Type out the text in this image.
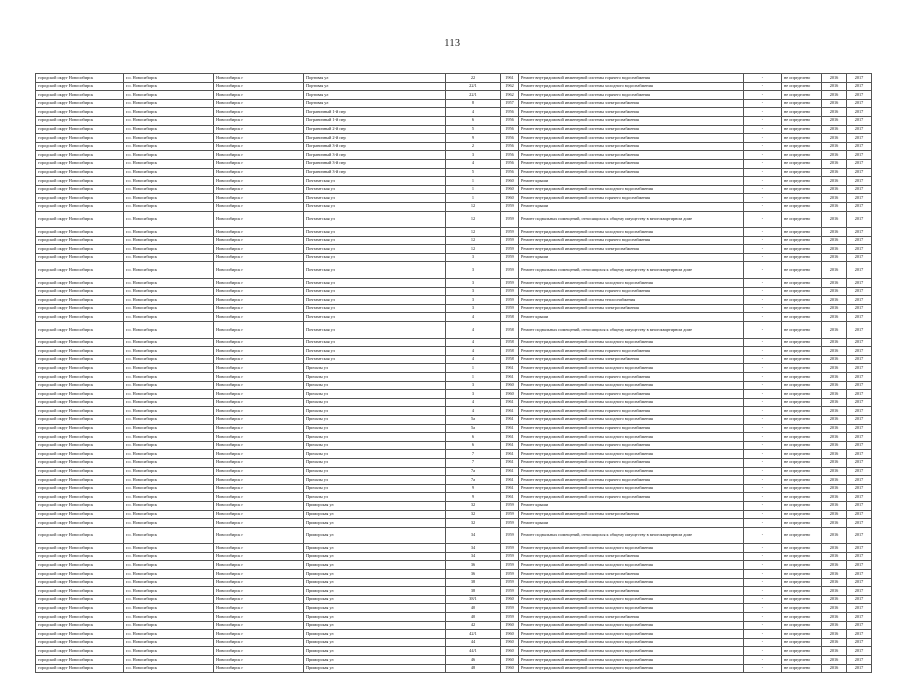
113
городской округ Новосибирск	г.о. Новосибирск	Новосибирск г	Портовая ул	22	1961	Ремонт внутридомовой инженерной системы горячего водоснабжения	-	не определено	2016	2017
городской округ Новосибирск	г.о. Новосибирск	Новосибирск г	Портовая ул	22/1	1962	Ремонт внутридомовой инженерной системы холодного водоснабжения	-	не определено	2016	2017
городской округ Новосибирск	г.о. Новосибирск	Новосибирск г	Портовая ул	22/1	1962	Ремонт внутридомовой инженерной системы горячего водоснабжения	-	не определено	2016	2017
городской округ Новосибирск	г.о. Новосибирск	Новосибирск г	Портовая ул	8	1957	Ремонт внутридомовой инженерной системы электроснабжения	-	не определено	2016	2017
городской округ Новосибирск	г.о. Новосибирск	Новосибирск г	Пограничный 1-й пер	4	1956	Ремонт внутридомовой инженерной системы электроснабжения	-	не определено	2016	2017
городской округ Новосибирск	г.о. Новосибирск	Новосибирск г	Пограничный 1-й пер	6	1956	Ремонт внутридомовой инженерной системы электроснабжения	-	не определено	2016	2017
городской округ Новосибирск	г.о. Новосибирск	Новосибирск г	Пограничный 2-й пер	5	1956	Ремонт внутридомовой инженерной системы электроснабжения	-	не определено	2016	2017
городской округ Новосибирск	г.о. Новосибирск	Новосибирск г	Пограничный 2-й пер	9	1956	Ремонт внутридомовой инженерной системы электроснабжения	-	не определено	2016	2017
городской округ Новосибирск	г.о. Новосибирск	Новосибирск г	Пограничный 3-й пер	2	1956	Ремонт внутридомовой инженерной системы электроснабжения	-	не определено	2016	2017
городской округ Новосибирск	г.о. Новосибирск	Новосибирск г	Пограничный 3-й пер	3	1956	Ремонт внутридомовой инженерной системы электроснабжения	-	не определено	2016	2017
городской округ Новосибирск	г.о. Новосибирск	Новосибирск г	Пограничный 3-й пер	4	1956	Ремонт внутридомовой инженерной системы электроснабжения	-	не определено	2016	2017
городской округ Новосибирск	г.о. Новосибирск	Новосибирск г	Пограничный 3-й пер	5	1956	Ремонт внутридомовой инженерной системы электроснабжения	-	не определено	2016	2017
городской округ Новосибирск	г.о. Новосибирск	Новосибирск г	Почтамтская ул	1	1960	Ремонт крыши	-	не определено	2016	2017
городской округ Новосибирск	г.о. Новосибирск	Новосибирск г	Почтамтская ул	1	1960	Ремонт внутридомовой инженерной системы холодного водоснабжения	-	не определено	2016	2017
городской округ Новосибирск	г.о. Новосибирск	Новосибирск г	Почтамтская ул	1	1960	Ремонт внутридомовой инженерной системы горячего водоснабжения	-	не определено	2016	2017
городской округ Новосибирск	г.о. Новосибирск	Новосибирск г	Почтамтская ул	12	1959	Ремонт крыши	-	не определено	2016	2017
городской округ Новосибирск	г.о. Новосибирск	Новосибирск г	Почтамтская ул	12	1959	Ремонт подвальных помещений, относящихся к общему имуществу в многоквартирном доме	-	не определено	2016	2017
городской округ Новосибирск	г.о. Новосибирск	Новосибирск г	Почтамтская ул	12	1959	Ремонт внутридомовой инженерной системы холодного водоснабжения	-	не определено	2016	2017
городской округ Новосибирск	г.о. Новосибирск	Новосибирск г	Почтамтская ул	12	1959	Ремонт внутридомовой инженерной системы горячего водоснабжения	-	не определено	2016	2017
городской округ Новосибирск	г.о. Новосибирск	Новосибирск г	Почтамтская ул	12	1959	Ремонт внутридомовой инженерной системы электроснабжения	-	не определено	2016	2017
городской округ Новосибирск	г.о. Новосибирск	Новосибирск г	Почтамтская ул	3	1959	Ремонт крыши	-	не определено	2016	2017
городской округ Новосибирск	г.о. Новосибирск	Новосибирск г	Почтамтская ул	3	1959	Ремонт подвальных помещений, относящихся к общему имуществу в многоквартирном доме	-	не определено	2016	2017
городской округ Новосибирск	г.о. Новосибирск	Новосибирск г	Почтамтская ул	3	1959	Ремонт внутридомовой инженерной системы холодного водоснабжения	-	не определено	2016	2017
городской округ Новосибирск	г.о. Новосибирск	Новосибирск г	Почтамтская ул	3	1959	Ремонт внутридомовой инженерной системы горячего водоснабжения	-	не определено	2016	2017
городской округ Новосибирск	г.о. Новосибирск	Новосибирск г	Почтамтская ул	3	1959	Ремонт внутридомовой инженерной системы теплоснабжения	-	не определено	2016	2017
городской округ Новосибирск	г.о. Новосибирск	Новосибирск г	Почтамтская ул	3	1959	Ремонт внутридомовой инженерной системы электроснабжения	-	не определено	2016	2017
городской округ Новосибирск	г.о. Новосибирск	Новосибирск г	Почтамтская ул	4	1958	Ремонт крыши	-	не определено	2016	2017
городской округ Новосибирск	г.о. Новосибирск	Новосибирск г	Почтамтская ул	4	1958	Ремонт подвальных помещений, относящихся к общему имуществу в многоквартирном доме	-	не определено	2016	2017
городской округ Новосибирск	г.о. Новосибирск	Новосибирск г	Почтамтская ул	4	1958	Ремонт внутридомовой инженерной системы холодного водоснабжения	-	не определено	2016	2017
городской округ Новосибирск	г.о. Новосибирск	Новосибирск г	Почтамтская ул	4	1958	Ремонт внутридомовой инженерной системы горячего водоснабжения	-	не определено	2016	2017
городской округ Новосибирск	г.о. Новосибирск	Новосибирск г	Почтамтская ул	4	1958	Ремонт внутридомовой инженерной системы электроснабжения	-	не определено	2016	2017
городской округ Новосибирск	г.о. Новосибирск	Новосибирск г	Причалы ул	1	1961	Ремонт внутридомовой инженерной системы холодного водоснабжения	-	не определено	2016	2017
городской округ Новосибирск	г.о. Новосибирск	Новосибирск г	Причалы ул	1	1961	Ремонт внутридомовой инженерной системы горячего водоснабжения	-	не определено	2016	2017
городской округ Новосибирск	г.о. Новосибирск	Новосибирск г	Причалы ул	3	1960	Ремонт внутридомовой инженерной системы холодного водоснабжения	-	не определено	2016	2017
городской округ Новосибирск	г.о. Новосибирск	Новосибирск г	Причалы ул	3	1960	Ремонт внутридомовой инженерной системы горячего водоснабжения	-	не определено	2016	2017
городской округ Новосибирск	г.о. Новосибирск	Новосибирск г	Причалы ул	4	1961	Ремонт внутридомовой инженерной системы холодного водоснабжения	-	не определено	2016	2017
городской округ Новосибирск	г.о. Новосибирск	Новосибирск г	Причалы ул	4	1961	Ремонт внутридомовой инженерной системы горячего водоснабжения	-	не определено	2016	2017
городской округ Новосибирск	г.о. Новосибирск	Новосибирск г	Причалы ул	5а	1961	Ремонт внутридомовой инженерной системы холодного водоснабжения	-	не определено	2016	2017
городской округ Новосибирск	г.о. Новосибирск	Новосибирск г	Причалы ул	5а	1961	Ремонт внутридомовой инженерной системы горячего водоснабжения	-	не определено	2016	2017
городской округ Новосибирск	г.о. Новосибирск	Новосибирск г	Причалы ул	6	1961	Ремонт внутридомовой инженерной системы холодного водоснабжения	-	не определено	2016	2017
городской округ Новосибирск	г.о. Новосибирск	Новосибирск г	Причалы ул	6	1961	Ремонт внутридомовой инженерной системы горячего водоснабжения	-	не определено	2016	2017
городской округ Новосибирск	г.о. Новосибирск	Новосибирск г	Причалы ул	7	1961	Ремонт внутридомовой инженерной системы холодного водоснабжения	-	не определено	2016	2017
городской округ Новосибирск	г.о. Новосибирск	Новосибирск г	Причалы ул	7	1961	Ремонт внутридомовой инженерной системы горячего водоснабжения	-	не определено	2016	2017
городской округ Новосибирск	г.о. Новосибирск	Новосибирск г	Причалы ул	7а	1961	Ремонт внутридомовой инженерной системы холодного водоснабжения	-	не определено	2016	2017
городской округ Новосибирск	г.о. Новосибирск	Новосибирск г	Причалы ул	7а	1961	Ремонт внутридомовой инженерной системы горячего водоснабжения	-	не определено	2016	2017
городской округ Новосибирск	г.о. Новосибирск	Новосибирск г	Причалы ул	9	1961	Ремонт внутридомовой инженерной системы холодного водоснабжения	-	не определено	2016	2017
городской округ Новосибирск	г.о. Новосибирск	Новосибирск г	Причалы ул	9	1961	Ремонт внутридомовой инженерной системы горячего водоснабжения	-	не определено	2016	2017
городской округ Новосибирск	г.о. Новосибирск	Новосибирск г	Приморская ул	32	1959	Ремонт крыши	-	не определено	2016	2017
городской округ Новосибирск	г.о. Новосибирск	Новосибирск г	Приморская ул	32	1959	Ремонт внутридомовой инженерной системы электроснабжения	-	не определено	2016	2017
городской округ Новосибирск	г.о. Новосибирск	Новосибирск г	Приморская ул	32	1959	Ремонт крыши	-	не определено	2016	2017
городской округ Новосибирск	г.о. Новосибирск	Новосибирск г	Приморская ул	34	1959	Ремонт подвальных помещений, относящихся к общему имуществу в многоквартирном доме	-	не определено	2016	2017
городской округ Новосибирск	г.о. Новосибирск	Новосибирск г	Приморская ул	34	1959	Ремонт внутридомовой инженерной системы холодного водоснабжения	-	не определено	2016	2017
городской округ Новосибирск	г.о. Новосибирск	Новосибирск г	Приморская ул	34	1959	Ремонт внутридомовой инженерной системы электроснабжения	-	не определено	2016	2017
городской округ Новосибирск	г.о. Новосибирск	Новосибирск г	Приморская ул	36	1959	Ремонт внутридомовой инженерной системы холодного водоснабжения	-	не определено	2016	2017
городской округ Новосибирск	г.о. Новосибирск	Новосибирск г	Приморская ул	36	1959	Ремонт внутридомовой инженерной системы электроснабжения	-	не определено	2016	2017
городской округ Новосибирск	г.о. Новосибирск	Новосибирск г	Приморская ул	38	1959	Ремонт внутридомовой инженерной системы холодного водоснабжения	-	не определено	2016	2017
городской округ Новосибирск	г.о. Новосибирск	Новосибирск г	Приморская ул	38	1959	Ремонт внутридомовой инженерной системы электроснабжения	-	не определено	2016	2017
городской округ Новосибирск	г.о. Новосибирск	Новосибирск г	Приморская ул	38/1	1960	Ремонт внутридомовой инженерной системы холодного водоснабжения	-	не определено	2016	2017
городской округ Новосибирск	г.о. Новосибирск	Новосибирск г	Приморская ул	40	1959	Ремонт внутридомовой инженерной системы холодного водоснабжения	-	не определено	2016	2017
городской округ Новосибирск	г.о. Новосибирск	Новосибирск г	Приморская ул	40	1959	Ремонт внутридомовой инженерной системы электроснабжения	-	не определено	2016	2017
городской округ Новосибирск	г.о. Новосибирск	Новосибирск г	Приморская ул	42	1960	Ремонт внутридомовой инженерной системы холодного водоснабжения	-	не определено	2016	2017
городской округ Новосибирск	г.о. Новосибирск	Новосибирск г	Приморская ул	42/1	1960	Ремонт внутридомовой инженерной системы холодного водоснабжения	-	не определено	2016	2017
городской округ Новосибирск	г.о. Новосибирск	Новосибирск г	Приморская ул	44	1960	Ремонт внутридомовой инженерной системы холодного водоснабжения	-	не определено	2016	2017
городской округ Новосибирск	г.о. Новосибирск	Новосибирск г	Приморская ул	44/1	1960	Ремонт внутридомовой инженерной системы холодного водоснабжения	-	не определено	2016	2017
городской округ Новосибирск	г.о. Новосибирск	Новосибирск г	Приморская ул	46	1960	Ремонт внутридомовой инженерной системы холодного водоснабжения	-	не определено	2016	2017
городской округ Новосибирск	г.о. Новосибирск	Новосибирск г	Приморская ул	48	1960	Ремонт внутридомовой инженерной системы холодного водоснабжения	-	не определено	2016	2017
